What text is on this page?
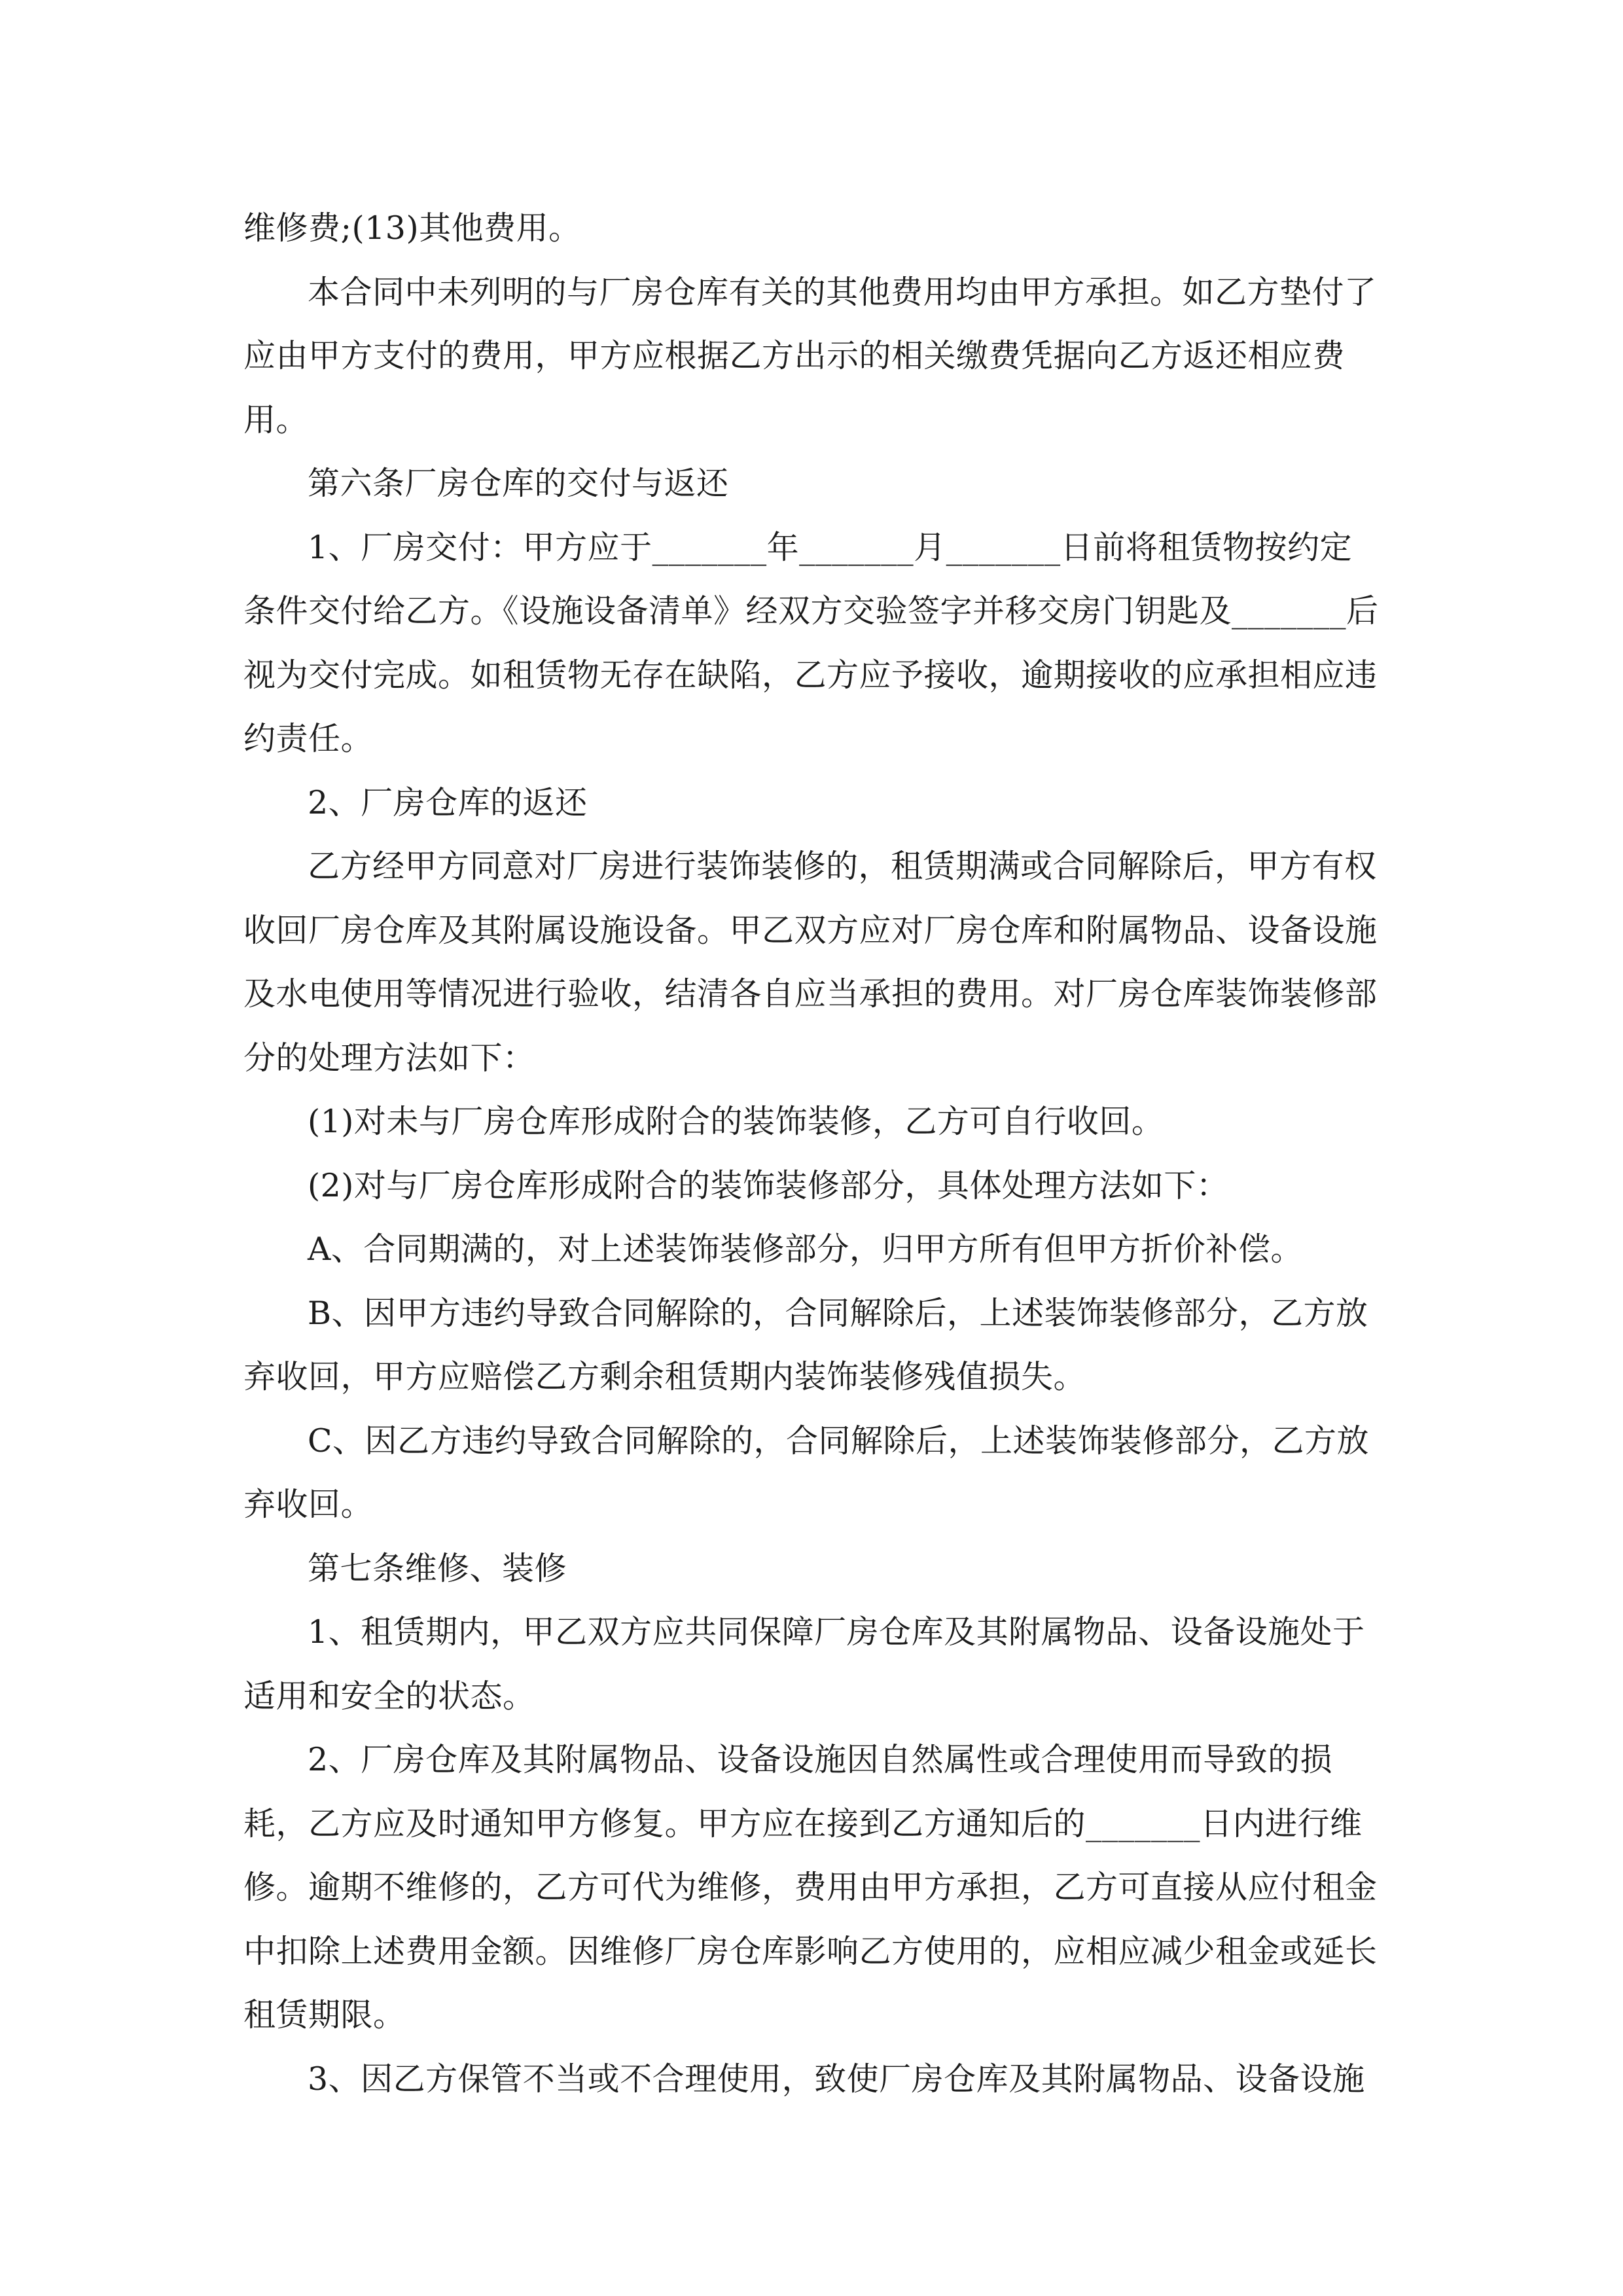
维修费;(13)其他费用。

本合同中未列明的与厂房仓库有关的其他费用均由甲方承担。如乙方垫付了应由甲方支付的费用，甲方应根据乙方出示的相关缴费凭据向乙方返还相应费用。

第六条厂房仓库的交付与返还

1、厂房交付：甲方应于_______年_______月_______日前将租赁物按约定条件交付给乙方。《设施设备清单》经双方交验签字并移交房门钥匙及_______后视为交付完成。如租赁物无存在缺陷，乙方应予接收，逾期接收的应承担相应违约责任。

2、厂房仓库的返还

乙方经甲方同意对厂房进行装饰装修的，租赁期满或合同解除后，甲方有权收回厂房仓库及其附属设施设备。甲乙双方应对厂房仓库和附属物品、设备设施及水电使用等情况进行验收，结清各自应当承担的费用。对厂房仓库装饰装修部分的处理方法如下：

(1)对未与厂房仓库形成附合的装饰装修，乙方可自行收回。

(2)对与厂房仓库形成附合的装饰装修部分，具体处理方法如下：

A、合同期满的，对上述装饰装修部分，归甲方所有但甲方折价补偿。

B、因甲方违约导致合同解除的，合同解除后，上述装饰装修部分，乙方放弃收回，甲方应赔偿乙方剩余租赁期内装饰装修残值损失。

C、因乙方违约导致合同解除的，合同解除后，上述装饰装修部分，乙方放弃收回。

第七条维修、装修

1、租赁期内，甲乙双方应共同保障厂房仓库及其附属物品、设备设施处于适用和安全的状态。

2、厂房仓库及其附属物品、设备设施因自然属性或合理使用而导致的损耗，乙方应及时通知甲方修复。甲方应在接到乙方通知后的_______日内进行维修。逾期不维修的，乙方可代为维修，费用由甲方承担，乙方可直接从应付租金中扣除上述费用金额。因维修厂房仓库影响乙方使用的，应相应减少租金或延长租赁期限。

3、因乙方保管不当或不合理使用，致使厂房仓库及其附属物品、设备设施
